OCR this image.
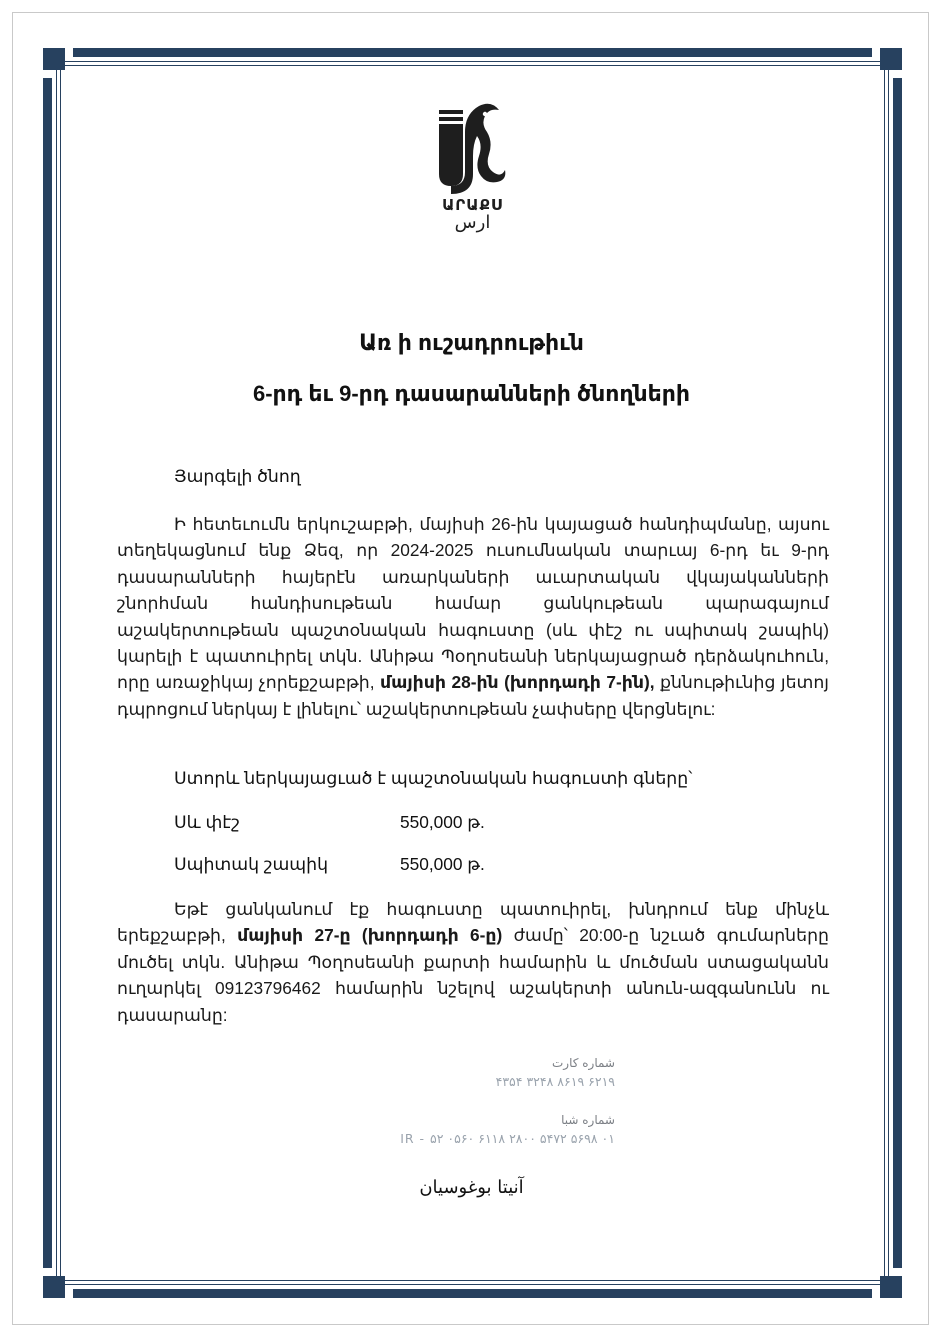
ԱՐԱՔՍ
ارس
Առ ի ուշադրութիւն
6-րդ եւ 9-րդ դասարանների ծնողների
Յարգելի ծնող

Ի հետեւումն երկուշաբթի, մայիսի 26-ին կայացած հանդիպմանը, այսու տեղեկացնում ենք Ձեզ, որ 2024-2025 ուսումնական տարւայ 6-րդ եւ 9-րդ դասարանների հայերէն առարկաների աւարտական վկայականների շնորհման հանդիսութեան համար ցանկութեան պարագայում աշակերտութեան պաշտօնական հագուստը (սև փէշ ու սպիտակ շապիկ) կարելի է պատուիրել տկն. Անիթա Պօղոսեանի ներկայացրած դերձակուհուն, որը առաջիկայ չորեքշաբթի, մայիսի 28-ին (խորդադի 7-ին), քննութիւնից յետոյ դպրոցում ներկայ է լինելու՝ աշակերտութեան չափսերը վերցնելու:

Ստորև ներկայացւած է պաշտօնական հագուստի գները՝
Սև փէշ	550,000 թ.
Սպիտակ շապիկ	550,000 թ.

Եթէ ցանկանում էք հագուստը պատուիրել, խնդրում ենք մինչև երեքշաբթի, մայիսի 27-ը (խորդադի 6-ը) ժամը՝ 20:00-ը նշւած գումարները մուծել տկն. Անիթա Պօղոսեանի քարտի համարին և մուծման ստացականն ուղարկել 09123796462 համարին նշելով աշակերտի անուն-ազգանունն ու դասարանը:

شماره کارت
۶۲۱۹ ۸۶۱۹ ۳۲۴۸ ۴۳۵۴
شماره شبا
IR - ۵۲ ۰۵۶۰ ۶۱۱۸ ۲۸۰۰ ۵۴۷۲ ۵۶۹۸ ۰۱
آنیتا بوغوسیان
